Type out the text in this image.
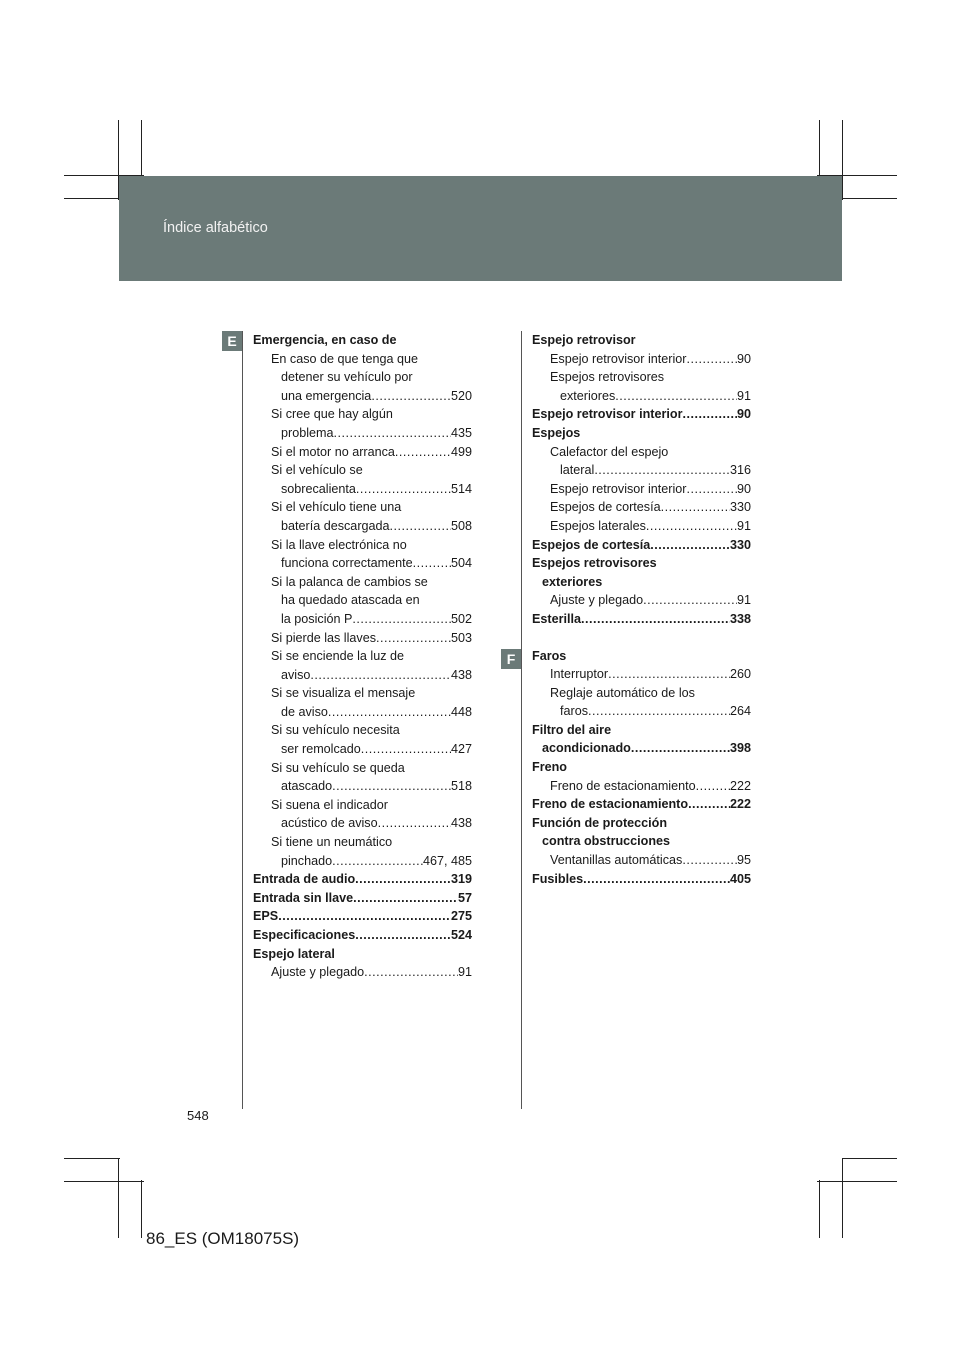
Índice alfabético
E
F
Emergencia, en caso de
En caso de que tenga que
detener su vehículo por
una emergencia .....	520
Si cree que hay algún
problema .....	435
Si el motor no arranca .....	499
Si el vehículo se
sobrecalienta .....	514
Si el vehículo tiene una
batería descargada .....	508
Si la llave electrónica no
funciona correctamente .....	504
Si la palanca de cambios se
ha quedado atascada en
la posición P .....	502
Si pierde las llaves .....	503
Si se enciende la luz de
aviso .....	438
Si se visualiza el mensaje
de aviso .....	448
Si su vehículo necesita
ser remolcado .....	427
Si su vehículo se queda
atascado .....	518
Si suena el indicador
acústico de aviso .....	438
Si tiene un neumático
pinchado .....	467, 485
Entrada de audio .....	319
Entrada sin llave .....	57
EPS .....	275
Especificaciones .....	524
Espejo lateral
Ajuste y plegado .....	91
Espejo retrovisor
Espejo retrovisor interior .....	90
Espejos retrovisores
exteriores .....	91
Espejo retrovisor interior .....	90
Espejos
Calefactor del espejo
lateral .....	316
Espejo retrovisor interior .....	90
Espejos de cortesía .....	330
Espejos laterales .....	91
Espejos de cortesía .....	330
Espejos retrovisores
exteriores
Ajuste y plegado .....	91
Esterilla .....	338
Faros
Interruptor .....	260
Reglaje automático de los
faros .....	264
Filtro del aire
acondicionado .....	398
Freno
Freno de estacionamiento .....	222
Freno de estacionamiento .....	222
Función de protección
contra obstrucciones
Ventanillas automáticas .....	95
Fusibles .....	405
548
86_ES (OM18075S)
